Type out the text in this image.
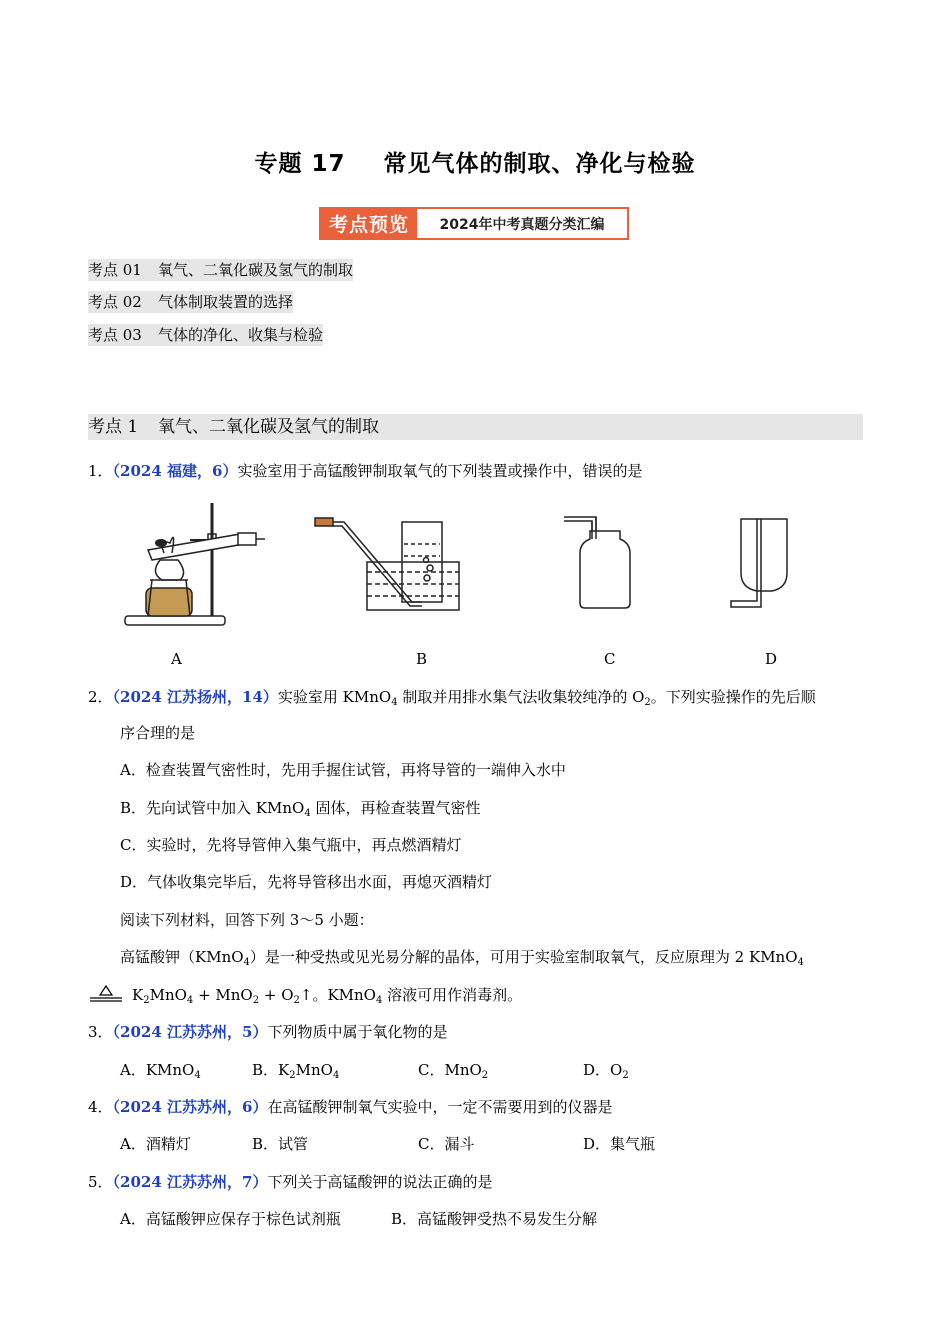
专题 17 常见气体的制取、净化与检验
考点预览	2024年中考真题分类汇编
考点 01 氧气、二氧化碳及氢气的制取
考点 02 气体制取装置的选择
考点 03 气体的净化、收集与检验
考点 1 氧气、二氧化碳及氢气的制取
1．（2024 福建，6）实验室用于高锰酸钾制取氧气的下列装置或操作中，错误的是
A	B	C	D
2．（2024 江苏扬州，14）实验室用 KMnO$_4$ 制取并用排水集气法收集较纯净的 $O_2$。下列实验操作的先后顺
序合理的是
A．检查装置气密性时，先用手握住试管，再将导管的一端伸入水中
B．先向试管中加入 KMnO$_4$ 固体，再检查装置气密性
C．实验时，先将导管伸入集气瓶中，再点燃酒精灯
D．气体收集完毕后，先将导管移出水面，再熄灭酒精灯
阅读下列材料，回答下列 3～5 小题：
高锰酸钾（KMnO$_4$）是一种受热或见光易分解的晶体，可用于实验室制取氧气，反应原理为 2 KMnO$_4$
$K_2MnO_4 + MnO_2$ + $O_2↑$。KMnO$_4$ 溶液可用作消毒剂。
3．（2024 江苏苏州，5）下列物质中属于氧化物的是
A．KMnO$_4$	B．$K_2MnO_4$	C．MnO$_2$	D．$O_2$
4．（2024 江苏苏州，6）在高锰酸钾制氧气实验中，一定不需要用到的仪器是
A．酒精灯	B．试管	C．漏斗	D．集气瓶
5．（2024 江苏苏州，7）下列关于高锰酸钾的说法正确的是
A．高锰酸钾应保存于棕色试剂瓶	B．高锰酸钾受热不易发生分解
